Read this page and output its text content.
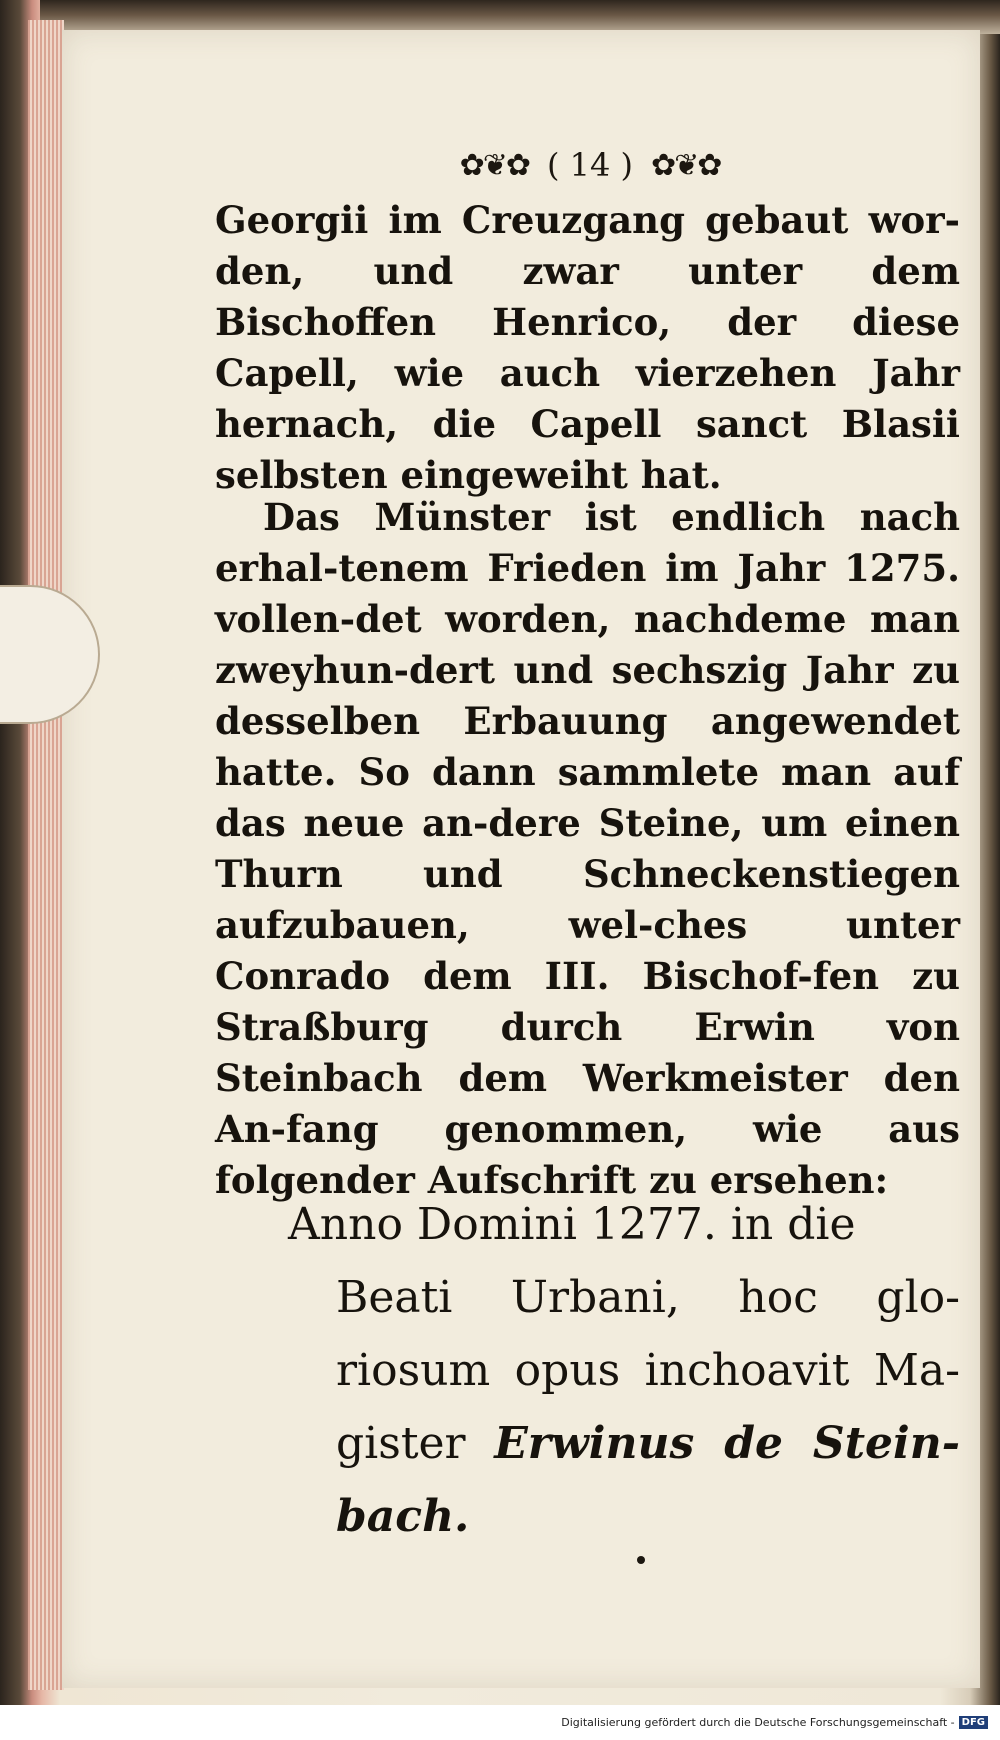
✿❦✿ ( 14 ) ✿❦✿

Georgii im Creuzgang gebaut wor-den, und zwar unter dem Bischoffen Henrico, der diese Capell, wie auch vierzehen Jahr hernach, die Capell sanct Blasii selbsten eingeweiht hat.

Das Münster ist endlich nach erhal-tenem Frieden im Jahr 1275. vollen-det worden, nachdeme man zweyhun-dert und sechszig Jahr zu desselben Erbauung angewendet hatte. So dann sammlete man auf das neue an-dere Steine, um einen Thurn und Schneckenstiegen aufzubauen, wel-ches unter Conrado dem III. Bischof-fen zu Straßburg durch Erwin von Steinbach dem Werkmeister den An-fang genommen, wie aus folgender Aufschrift zu ersehen:

Anno Domini 1277. in die
Beati Urbani, hoc glo-riosum opus inchoavit Ma-gister Erwinus de Stein-bach.
Digitalisierung gefördert durch die Deutsche Forschungsgemeinschaft - DFG
